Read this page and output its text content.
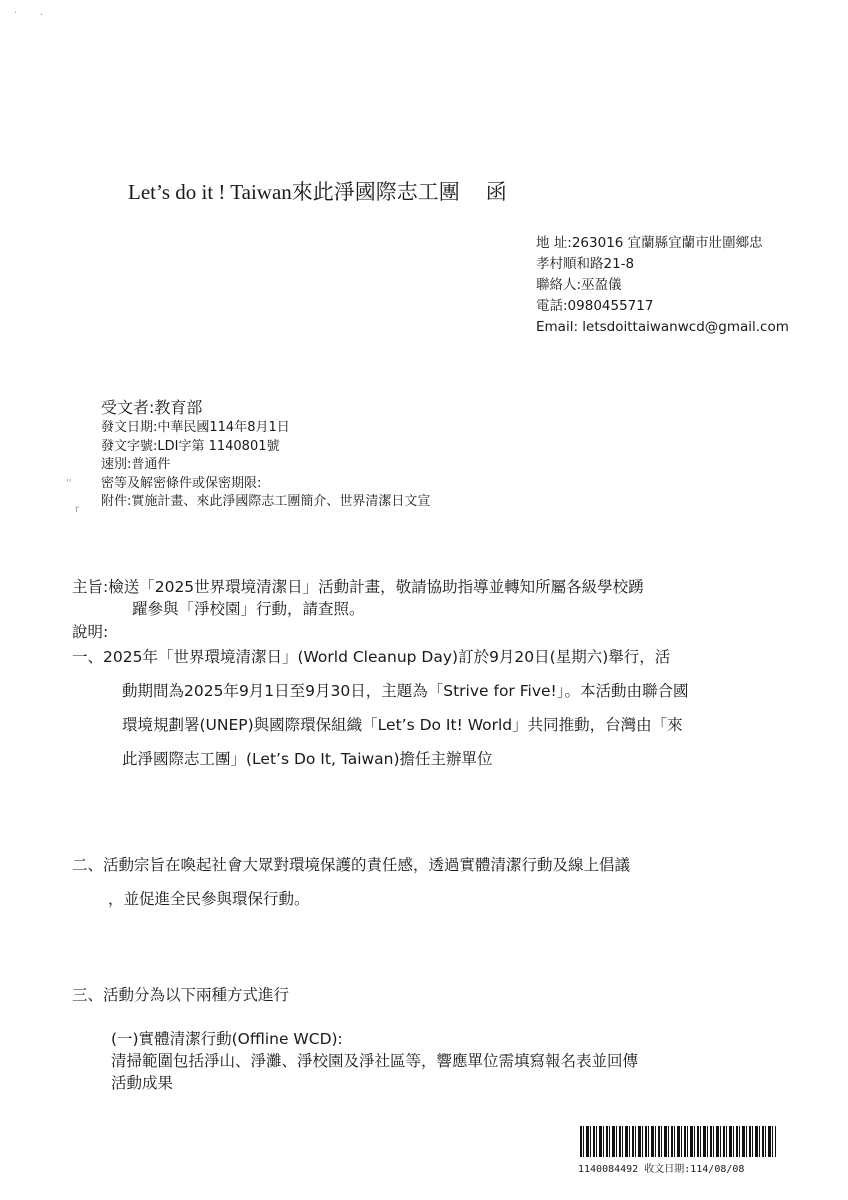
Let’s do it ! Taiwan來此淨國際志工團 函
地 址:263016 宜蘭縣宜蘭市壯圍鄉忠
孝村順和路21-8
聯絡人:巫盈儀
電話:0980455717
Email: letsdoittaiwanwcd@gmail.com
· ·
''
r
受文者:教育部
發文日期:中華民國114年8月1日
發文字號:LDI字第 1140801號
速別:普通件
密等及解密條件或保密期限:
附件:實施計畫、來此淨國際志工團簡介、世界清潔日文宣
主旨:檢送「2025世界環境清潔日」活動計畫，敬請協助指導並轉知所屬各級學校踴
躍參與「淨校園」行動，請查照。
說明:
一、2025年「世界環境清潔日」(World Cleanup Day)訂於9月20日(星期六)舉行，活
動期間為2025年9月1日至9月30日，主題為「Strive for Five!」。本活動由聯合國
環境規劃署(UNEP)與國際環保組織「Let’s Do It! World」共同推動，台灣由「來
此淨國際志工團」(Let’s Do It, Taiwan)擔任主辦單位
二、活動宗旨在喚起社會大眾對環境保護的責任感，透過實體清潔行動及線上倡議
，並促進全民參與環保行動。
三、活動分為以下兩種方式進行
(一)實體清潔行動(Offline WCD):
清掃範圍包括淨山、淨灘、淨校園及淨社區等，響應單位需填寫報名表並回傳
活動成果
1140084492 收文日期:114/08/08
